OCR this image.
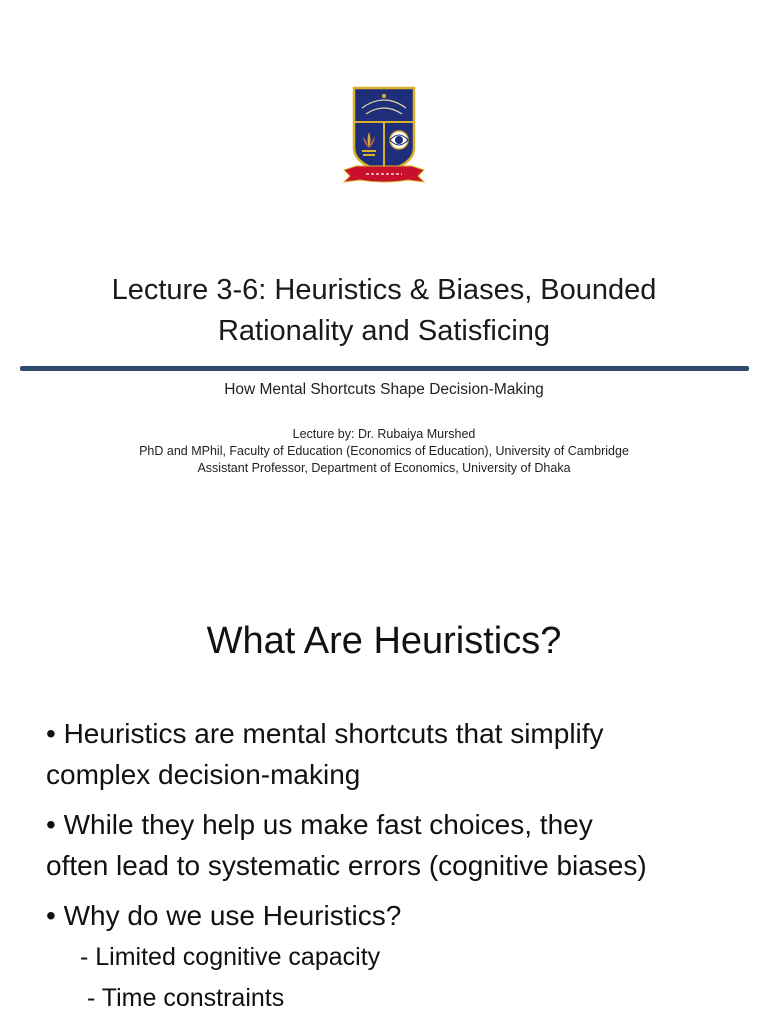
Lecture 3-6: Heuristics & Biases, Bounded
Rationality and Satisficing
How Mental Shortcuts Shape Decision-Making
Lecture by: Dr. Rubaiya Murshed
PhD and MPhil, Faculty of Education (Economics of Education), University of Cambridge
Assistant Professor, Department of Economics, University of Dhaka
What Are Heuristics?
• Heuristics are mental shortcuts that simplify
complex decision-making
• While they help us make fast choices, they
often lead to systematic errors (cognitive biases)
• Why do we use Heuristics?
- Limited cognitive capacity
- Time constraints
